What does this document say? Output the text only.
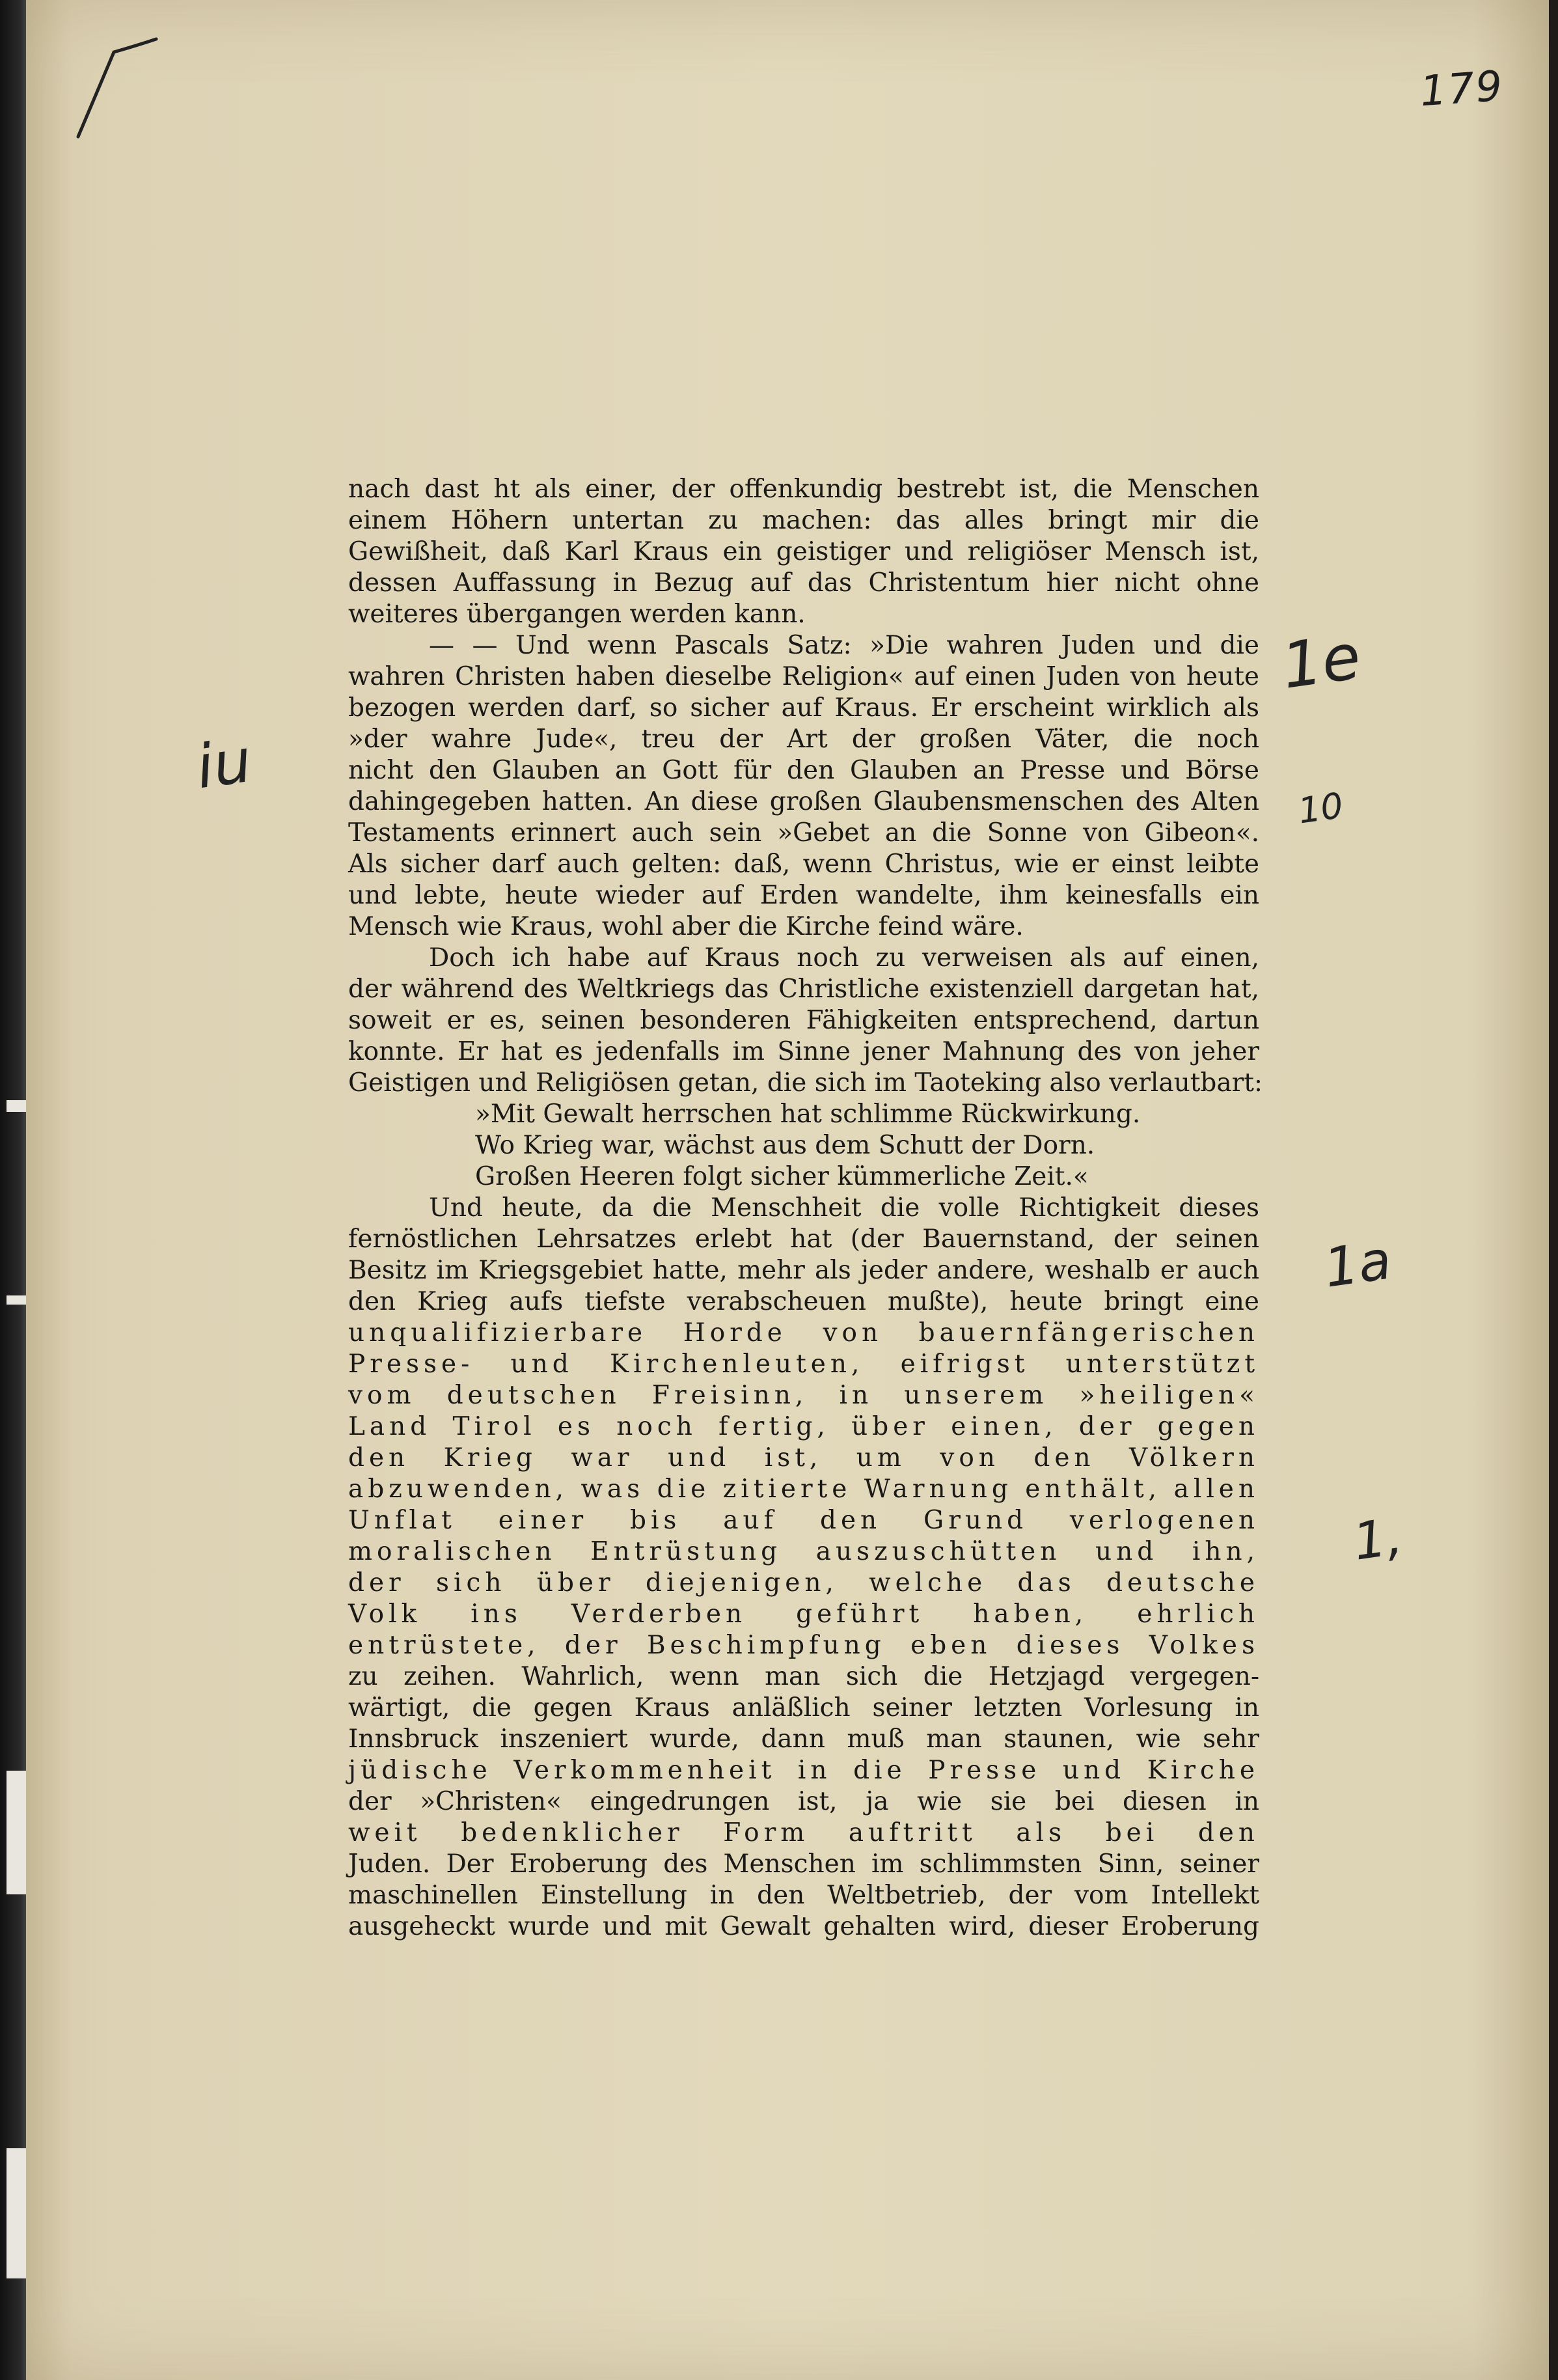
179
1e
10
iu
1a
1,
nach dast ht als einer, der offenkundig bestrebt ist, die Menschen
einem Höhern untertan zu machen: das alles bringt mir die
Gewißheit, daß Karl Kraus ein geistiger und religiöser Mensch ist,
dessen Auffassung in Bezug auf das Christentum hier nicht ohne
weiteres übergangen werden kann.
— — Und wenn Pascals Satz: »Die wahren Juden und die
wahren Christen haben dieselbe Religion« auf einen Juden von heute
bezogen werden darf, so sicher auf Kraus. Er erscheint wirklich als
»der wahre Jude«, treu der Art der großen Väter, die noch
nicht den Glauben an Gott für den Glauben an Presse und Börse
dahingegeben hatten. An diese großen Glaubensmenschen des Alten
Testaments erinnert auch sein »Gebet an die Sonne von Gibeon«.
Als sicher darf auch gelten: daß, wenn Christus, wie er einst leibte
und lebte, heute wieder auf Erden wandelte, ihm keinesfalls ein
Mensch wie Kraus, wohl aber die Kirche feind wäre.
Doch ich habe auf Kraus noch zu verweisen als auf einen,
der während des Weltkriegs das Christliche existenziell dargetan hat,
soweit er es, seinen besonderen Fähigkeiten entsprechend, dartun
konnte. Er hat es jedenfalls im Sinne jener Mahnung des von jeher
Geistigen und Religiösen getan, die sich im Taoteking also verlautbart:
»Mit Gewalt herrschen hat schlimme Rückwirkung.
Wo Krieg war, wächst aus dem Schutt der Dorn.
Großen Heeren folgt sicher kümmerliche Zeit.«
Und heute, da die Menschheit die volle Richtigkeit dieses
fernöstlichen Lehrsatzes erlebt hat (der Bauernstand, der seinen
Besitz im Kriegsgebiet hatte, mehr als jeder andere, weshalb er auch
den Krieg aufs tiefste verabscheuen mußte), heute bringt eine
unqualifizierbare Horde von bauernfängerischen
Presse- und Kirchenleuten, eifrigst unterstützt
vom deutschen Freisinn, in unserem »heiligen«
Land Tirol es noch fertig, über einen, der gegen
den Krieg war und ist, um von den Völkern
abzuwenden, was die zitierte Warnung enthält, allen
Unflat einer bis auf den Grund verlogenen
moralischen Entrüstung auszuschütten und ihn,
der sich über diejenigen, welche das deutsche
Volk ins Verderben geführt haben, ehrlich
entrüstete, der Beschimpfung eben dieses Volkes
zu zeihen. Wahrlich, wenn man sich die Hetzjagd vergegen-
wärtigt, die gegen Kraus anläßlich seiner letzten Vorlesung in
Innsbruck inszeniert wurde, dann muß man staunen, wie sehr
jüdische Verkommenheit in die Presse und Kirche
der »Christen« eingedrungen ist, ja wie sie bei diesen in
weit bedenklicher Form auftritt als bei den
Juden. Der Eroberung des Menschen im schlimmsten Sinn, seiner
maschinellen Einstellung in den Weltbetrieb, der vom Intellekt
ausgeheckt wurde und mit Gewalt gehalten wird, dieser Eroberung
